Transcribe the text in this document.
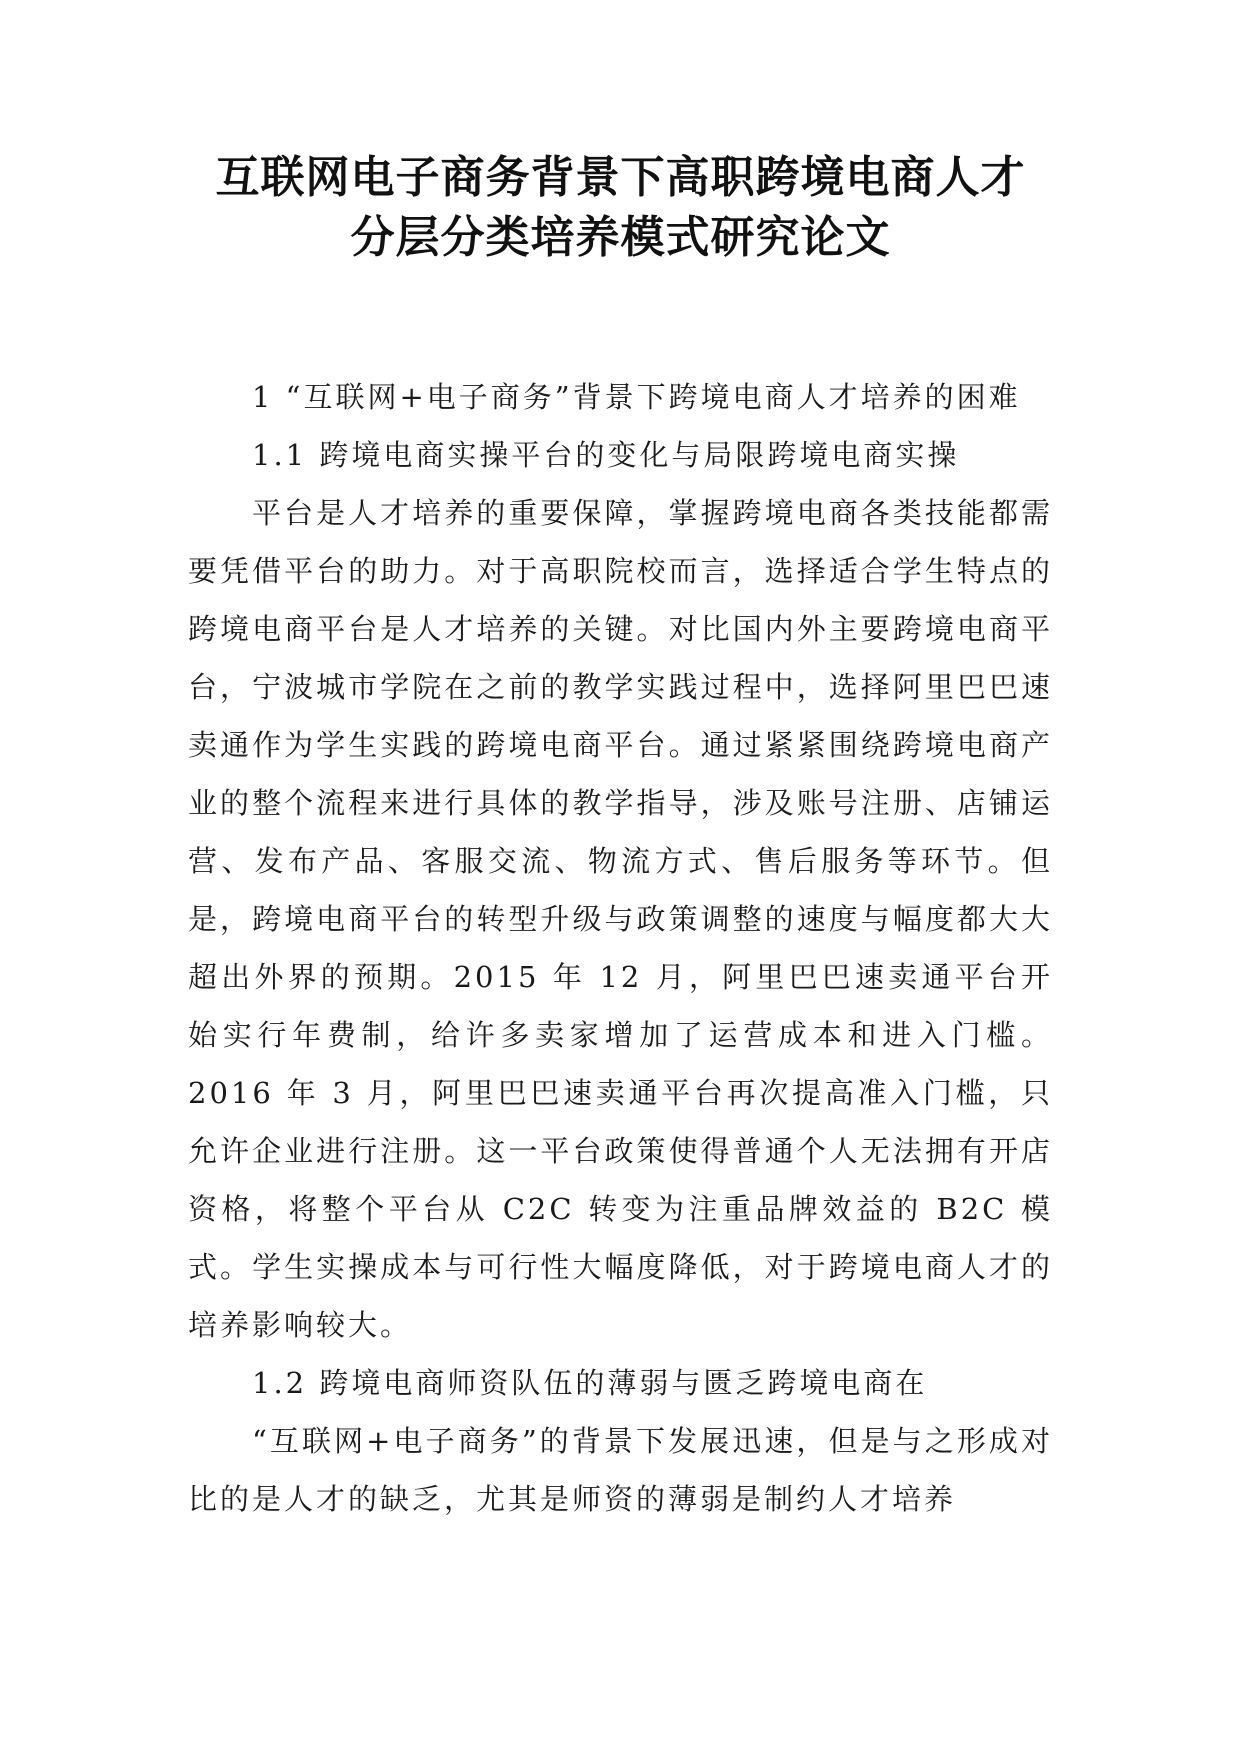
互联网电子商务背景下高职跨境电商人才
分层分类培养模式研究论文

1 “互联网+电子商务”背景下跨境电商人才培养的困难

1.1 跨境电商实操平台的变化与局限跨境电商实操

平台是人才培养的重要保障，掌握跨境电商各类技能都需要凭借平台的助力。对于高职院校而言，选择适合学生特点的跨境电商平台是人才培养的关键。对比国内外主要跨境电商平台，宁波城市学院在之前的教学实践过程中，选择阿里巴巴速卖通作为学生实践的跨境电商平台。通过紧紧围绕跨境电商产业的整个流程来进行具体的教学指导，涉及账号注册、店铺运营、发布产品、客服交流、物流方式、售后服务等环节。但是，跨境电商平台的转型升级与政策调整的速度与幅度都大大超出外界的预期。2015 年 12 月，阿里巴巴速卖通平台开始实行年费制，给许多卖家增加了运营成本和进入门槛。2016 年 3 月，阿里巴巴速卖通平台再次提高准入门槛，只允许企业进行注册。这一平台政策使得普通个人无法拥有开店资格，将整个平台从 C2C 转变为注重品牌效益的 B2C 模式。学生实操成本与可行性大幅度降低，对于跨境电商人才的培养影响较大。

1.2 跨境电商师资队伍的薄弱与匮乏跨境电商在

“互联网+电子商务”的背景下发展迅速，但是与之形成对比的是人才的缺乏，尤其是师资的薄弱是制约人才培养
